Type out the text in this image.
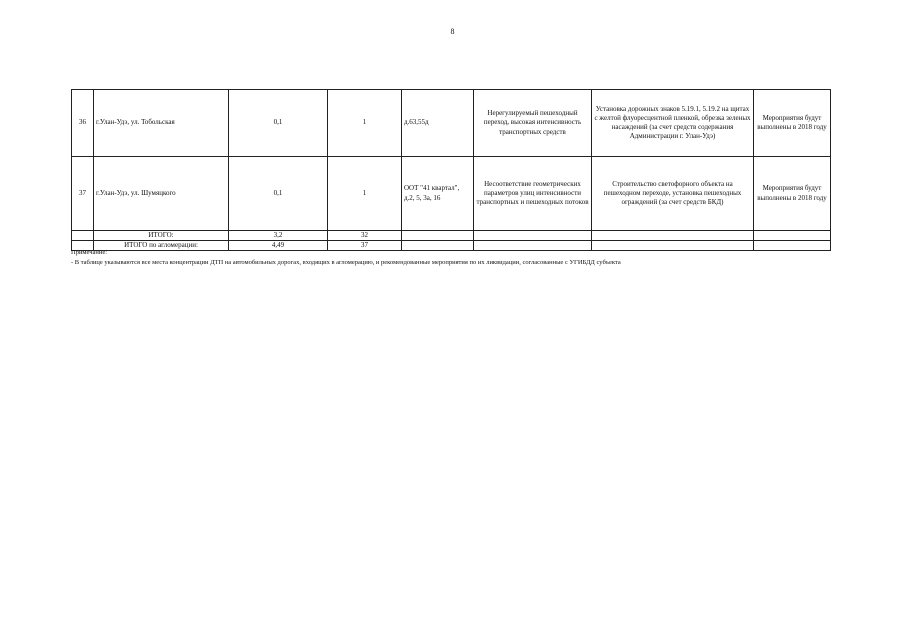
8
36	г.Улан-Удэ, ул. Тобольская	0,1	1	д.63,55д	Нерегулируемый пешеходный переход, высокая интенсивность транспортных средств	Установка дорожных знаков 5.19.1, 5.19.2 на щитах с желтой флуоресцентной пленкой, обрезка зеленых насаждений (за счет средств содержания Администрации г. Улан-Удэ)	Мероприятия будут выполнены в 2018 году
37	г.Улан-Удэ, ул. Шумяцкого	0,1	1	ООТ "41 квартал", д.2, 5, 3а, 16	Несоответствие геометрических параметров улиц интенсивности транспортных и пешеходных потоков	Строительство светофорного объекта на пешеходном переходе, установка пешеходных ограждений (за счет средств БКД)	Мероприятия будут выполнены в 2018 году
	ИТОГО:	3,2	32				
	ИТОГО по агломерации:	4,49	37				
Примечание:
- В таблице указываются все места концентрации ДТП на автомобильных дорогах, входящих в агломерацию, и рекомендованные мероприятия по их ликвидации, согласованные с УГИБДД субъекта
